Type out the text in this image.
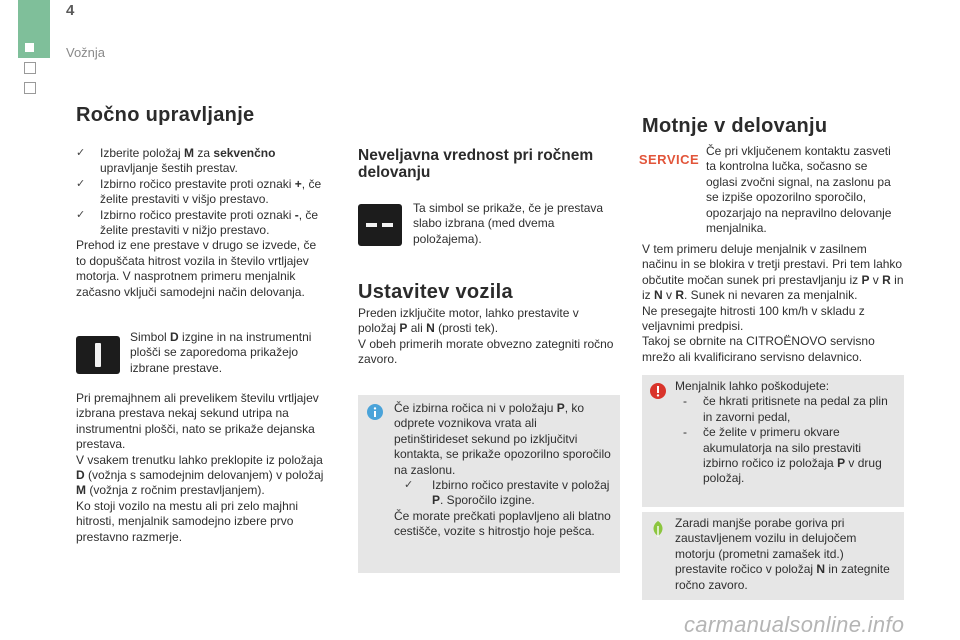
4
Vožnja
Ročno upravljanje

✓	Izberite položaj M za sekvenčno upravljanje šestih prestav.

✓	Izbirno ročico prestavite proti oznaki +, če želite prestaviti v višjo prestavo.

✓	Izbirno ročico prestavite proti oznaki -, če želite prestaviti v nižjo prestavo.

Prehod iz ene prestave v drugo se izvede, če to dopuščata hitrost vozila in število vrtljajev motorja. V nasprotnem primeru menjalnik začasno vklјuči samodejni način delovanja.

Simbol D izgine in na instrumentni plošči se zaporedoma prikažejo izbrane prestave.

Pri premajhnem ali prevelikem številu vrtljajev izbrana prestava nekaj sekund utripa na instrumentni plošči, nato se prikaže dejanska prestava.

V vsakem trenutku lahko preklopite iz položaja D (vožnja s samodejnim delovanjem) v položaj M (vožnja z ročnim prestavljanjem).

Ko stoji vozilo na mestu ali pri zelo majhni hitrosti, menjalnik samodejno izbere prvo prestavno razmerje.

Neveljavna vrednost pri ročnem delovanju
Ta simbol se prikaže, če je prestava slabo izbrana (med dvema položajema).
Ustavitev vozila

Preden izklјučite motor, lahko prestavite v položaj P ali N (prosti tek).

V obeh primerih morate obvezno zategniti ročno zavoro.

Če izbirna ročica ni v položaju P, ko odprete voznikova vrata ali petinštirideset sekund po izklјučitvi kontakta, se prikaže opozorilno sporočilo na zaslonu.

✓ Izbirno ročico prestavite v položaj P. Sporočilo izgine.

Če morate prečkati poplavljeno ali blatno cestišče, vozite s hitrostjo hoje pešca.

Motnje v delovanju
SERVICE

Če pri vklјučenem kontaktu zasveti ta kontrolna lučka, sočasno se oglasi zvočni signal, na zaslonu pa se izpiše opozorilno sporočilo, opozarjajo na nepravilno delovanje menjalnika.

V tem primeru deluje menjalnik v zasilnem načinu in se blokira v tretji prestavi. Pri tem lahko občutite močan sunek pri prestavljanju iz P v R in iz N v R. Sunek ni nevaren za menjalnik.

Ne presegajte hitrosti 100 km/h v skladu z veljavnimi predpisi.

Takoj se obrnite na CITROËNOVO servisno mrežo ali kvalificirano servisno delavnico.

Menjalnik lahko poškodujete:

- če hkrati pritisnete na pedal za plin in zavorni pedal,

- če želite v primeru okvare akumulatorja na silo prestaviti izbirno ročico iz položaja P v drug položaj.

Zaradi manjše porabe goriva pri zaustavljenem vozilu in delujočem motorju (prometni zamašek itd.) prestavite ročico v položaj N in zategnite ročno zavoro.

carmanualsonline.info
